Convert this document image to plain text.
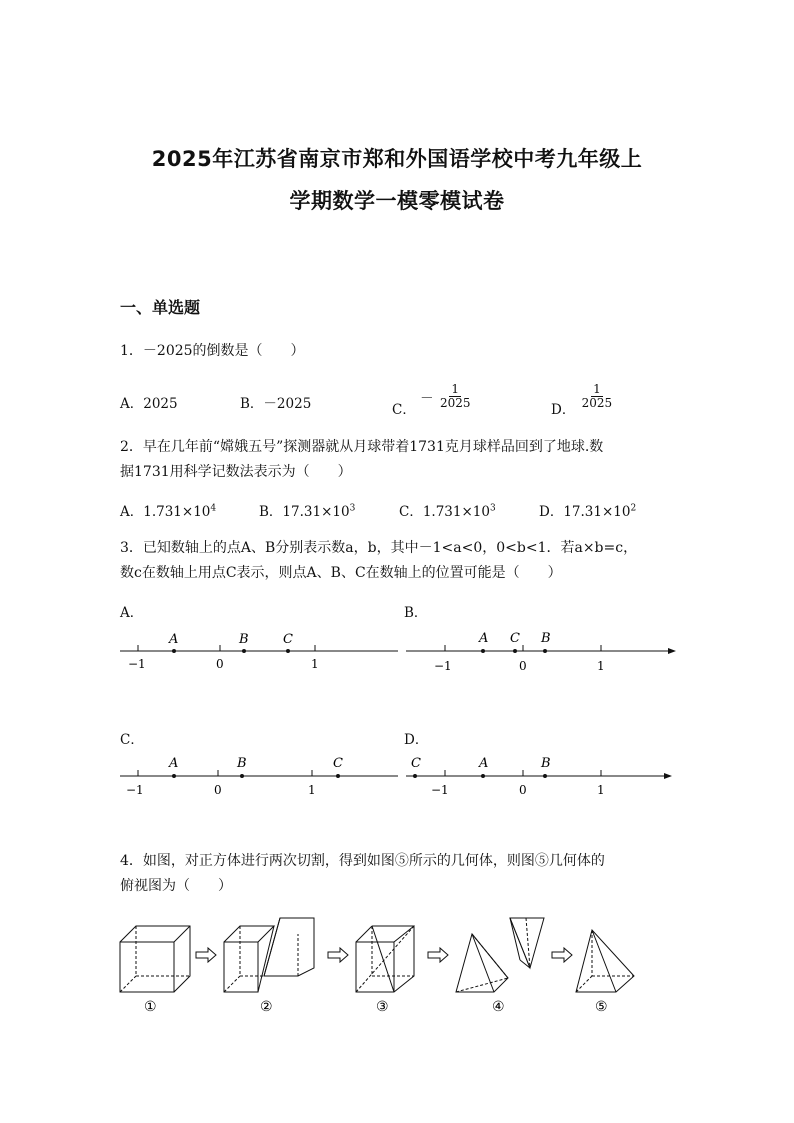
2025年江苏省南京市郑和外国语学校中考九年级上
学期数学一模零模试卷
一、单选题
1．－2025的倒数是（　　）
A．2025	B．－2025	C． － $\frac{1}{2025}$	D． $\frac{1}{2025}$
2．早在几年前“嫦娥五号”探测器就从月球带着1731克月球样品回到了地球.数
据1731用科学记数法表示为（　　）
A．$1.731\times 10^4$	B．$17.31\times 10^3$	C．$1.731\times 10^3$	D．$17.31\times 10^2$
3．已知数轴上的点A、B分别表示数a，b，其中－1<a<0，0<b<1．若a×b=c，
数c在数轴上用点C表示，则点A、B、C在数轴上的位置可能是（　　）
A．	B．
C．	D．
A	B	C
−1	0	1
A C B
−1	0	1
A	B	C
−1	0	1
C	A	B
−1	0	1
4．如图，对正方体进行两次切割，得到如图⑤所示的几何体，则图⑤几何体的
俯视图为（　　）
①	②	③	④	⑤
